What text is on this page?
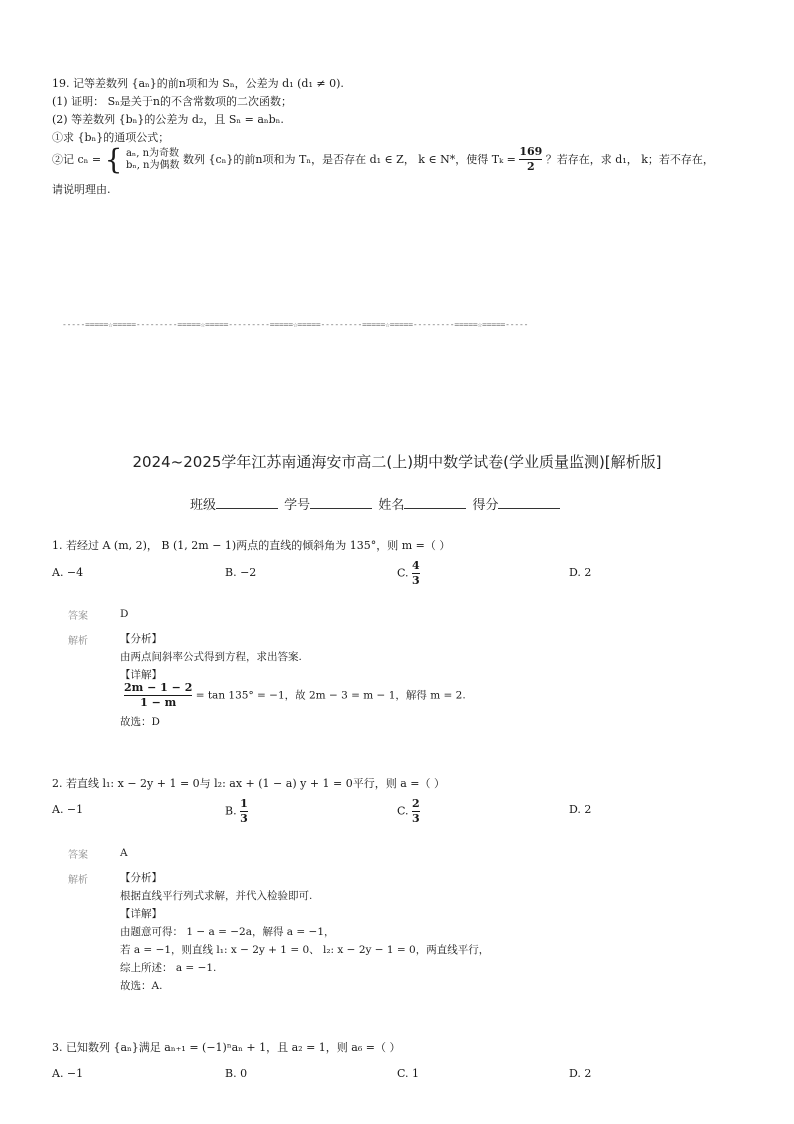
19. 记等差数列 {aₙ}的前n项和为 Sₙ，公差为 d₁ (d₁ ≠ 0).
(1) 证明： Sₙ是关于n的不含常数项的二次函数；
(2) 等差数列 {bₙ}的公差为 d₂，且 Sₙ = aₙbₙ.
①求 {bₙ}的通项公式；
②记 cₙ = { aₙ, n为奇数
bₙ, n为偶数 数列 {cₙ}的前n项和为 Tₙ，是否存在 d₁ ∈ Z， k ∈ N*，使得 $T_k = \frac{169}{2}$ ？若存在，求 d₁， k；若不存在，
请说明理由.
-----=====☆=====---------=====☆=====---------=====☆=====---------=====☆=====---------=====☆=====-----
2024~2025学年江苏南通海安市高二(上)期中数学试卷(学业质量监测)[解析版]
班级	学号	姓名	得分
1. 若经过 A (m, 2)， B (1, 2m − 1)两点的直线的倾斜角为 135°，则 m =（ ）
A. −4	B. −2	C. $\frac{4}{3}$	D. 2
答案	D
解析	【分析】
由两点间斜率公式得到方程，求出答案.
【详解】
$\frac{2m - 1 - 2}{1 - m} = \tan 135^\circ = -1$，故 2m − 3 = m − 1，解得 m = 2.
故选：D
2. 若直线 l₁: x − 2y + 1 = 0与 l₂: ax + (1 − a) y + 1 = 0平行，则 a =（ ）
A. −1	B. $\frac{1}{3}$	C. $\frac{2}{3}$	D. 2
答案	A
解析	【分析】
根据直线平行列式求解，并代入检验即可.
【详解】
由题意可得： 1 − a = −2a，解得 a = −1，
若 a = −1，则直线 l₁: x − 2y + 1 = 0、 l₂: x − 2y − 1 = 0，两直线平行，
综上所述： a = −1.
故选：A.
3. 已知数列 {aₙ}满足 aₙ₊₁ = (−1)ⁿaₙ + 1，且 a₂ = 1，则 a₆ =（ ）
A. −1	B. 0	C. 1	D. 2
